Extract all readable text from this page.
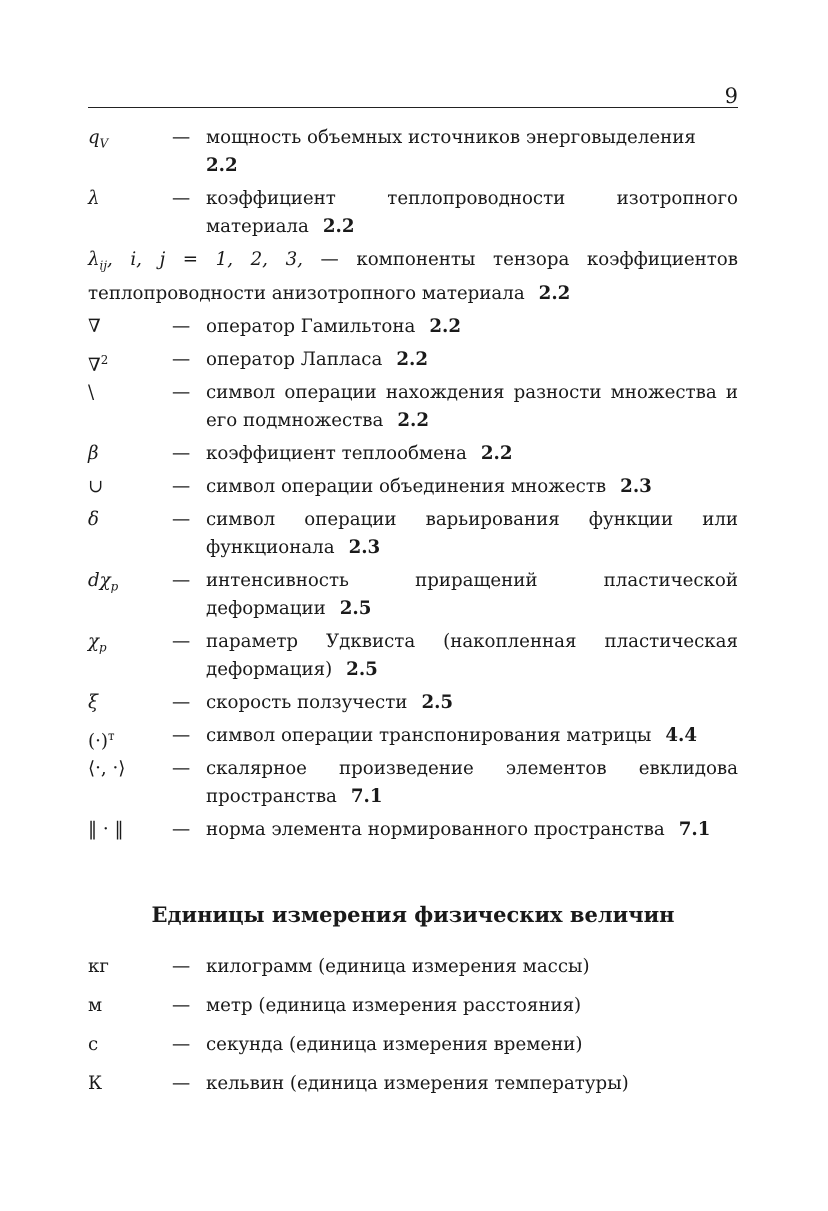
9
$q_V$	— мощность объемных источников энерговыделения
2.2
λ	— коэффициент теплопроводности изотропного материала 2.2
$\lambda_{ij}$, i, j = 1, 2, 3, — компоненты тензора коэффициентов теплопроводности анизотропного материала 2.2
∇	— оператор Гамильтона 2.2
∇$^2$	— оператор Лапласа 2.2
\	— символ операции нахождения разности множества и его подмножества 2.2
β	— коэффициент теплообмена 2.2
∪	— символ операции объединения множеств 2.3
δ	— символ операции варьирования функции или функционала 2.3
$d\chi_p$	— интенсивность приращений пластической деформации 2.5
$\chi_p$	— параметр Удквиста (накопленная пластическая деформация) 2.5
ξ	— скорость ползучести 2.5
$(\cdot)^т$	— символ операции транспонирования матрицы 4.4
⟨·, ·⟩	— скалярное произведение элементов евклидова пространства 7.1
‖ · ‖	— норма элемента нормированного пространства 7.1
Единицы измерения физических величин
кг	— килограмм (единица измерения массы)
м	— метр (единица измерения расстояния)
с	— секунда (единица измерения времени)
К	— кельвин (единица измерения температуры)
